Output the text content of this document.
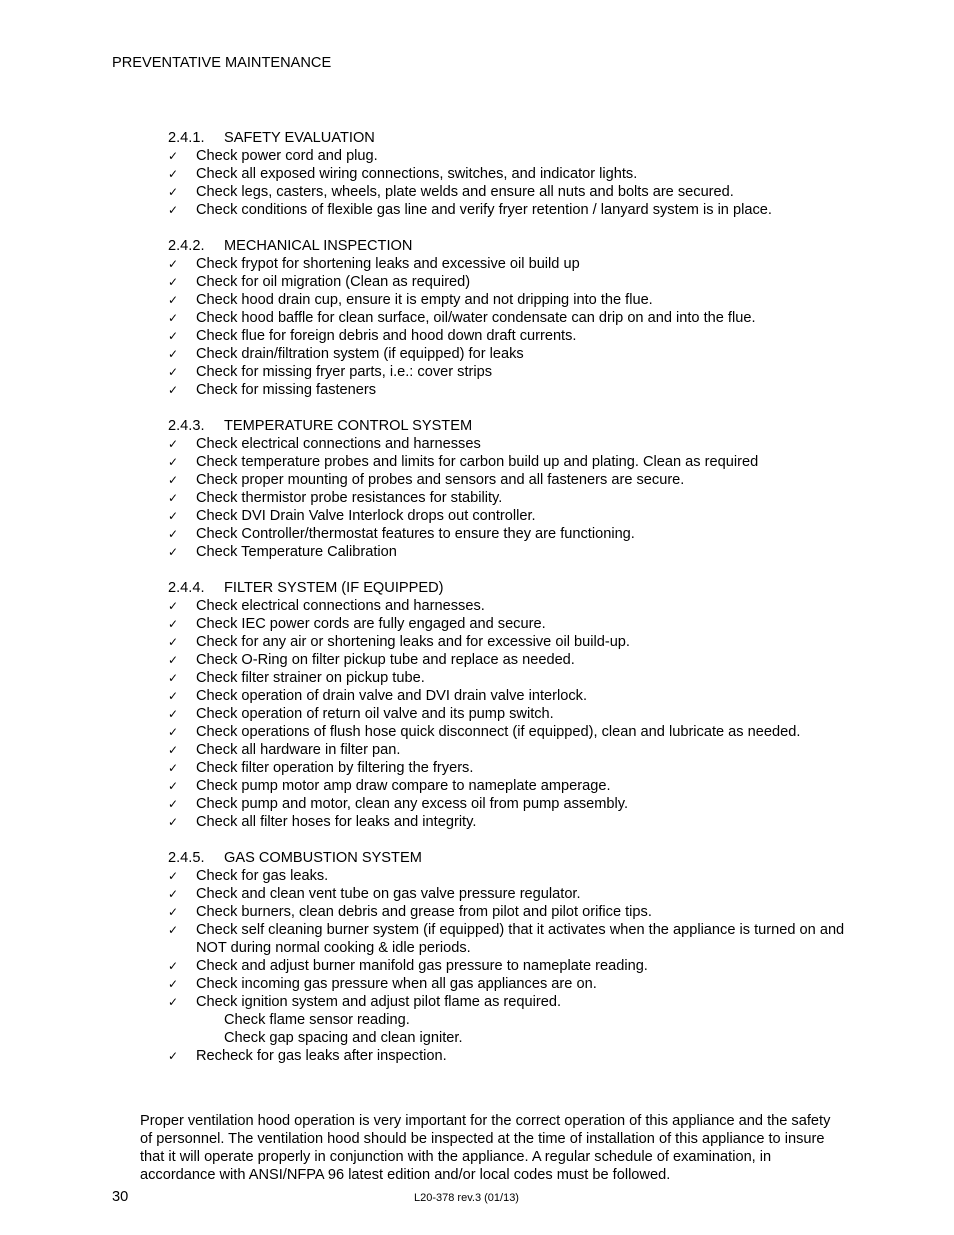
PREVENTATIVE MAINTENANCE
2.4.1. SAFETY EVALUATION
✓ Check power cord and plug.
✓ Check all exposed wiring connections, switches, and indicator lights.
✓ Check legs, casters, wheels, plate welds and ensure all nuts and bolts are secured.
✓ Check conditions of flexible gas line and verify fryer retention / lanyard system is in place.
2.4.2. MECHANICAL INSPECTION
✓ Check frypot for shortening leaks and excessive oil build up
✓ Check for oil migration (Clean as required)
✓ Check hood drain cup, ensure it is empty and not dripping into the flue.
✓ Check hood baffle for clean surface, oil/water condensate can drip on and into the flue.
✓ Check flue for foreign debris and hood down draft currents.
✓ Check drain/filtration system (if equipped) for leaks
✓ Check for missing fryer parts, i.e.: cover strips
✓ Check for missing fasteners
2.4.3. TEMPERATURE CONTROL SYSTEM
✓ Check electrical connections and harnesses
✓ Check temperature probes and limits for carbon build up and plating. Clean as required
✓ Check proper mounting of probes and sensors and all fasteners are secure.
✓ Check thermistor probe resistances for stability.
✓ Check DVI Drain Valve Interlock drops out controller.
✓ Check Controller/thermostat features to ensure they are functioning.
✓ Check Temperature Calibration
2.4.4. FILTER SYSTEM (IF EQUIPPED)
✓ Check electrical connections and harnesses.
✓ Check IEC power cords are fully engaged and secure.
✓ Check for any air or shortening leaks and for excessive oil build-up.
✓ Check O-Ring on filter pickup tube and replace as needed.
✓ Check filter strainer on pickup tube.
✓ Check operation of drain valve and DVI drain valve interlock.
✓ Check operation of return oil valve and its pump switch.
✓ Check operations of flush hose quick disconnect (if equipped), clean and lubricate as needed.
✓ Check all hardware in filter pan.
✓ Check filter operation by filtering the fryers.
✓ Check pump motor amp draw compare to nameplate amperage.
✓ Check pump and motor, clean any excess oil from pump assembly.
✓ Check all filter hoses for leaks and integrity.
2.4.5. GAS COMBUSTION SYSTEM
✓ Check for gas leaks.
✓ Check and clean vent tube on gas valve pressure regulator.
✓ Check burners, clean debris and grease from pilot and pilot orifice tips.
✓ Check self cleaning burner system (if equipped) that it activates when the appliance is turned on and NOT during normal cooking & idle periods.
✓ Check and adjust burner manifold gas pressure to nameplate reading.
✓ Check incoming gas pressure when all gas appliances are on.
✓ Check ignition system and adjust pilot flame as required.
Check flame sensor reading.
Check gap spacing and clean igniter.
✓ Recheck for gas leaks after inspection.
Proper ventilation hood operation is very important for the correct operation of this appliance and the safety of personnel. The ventilation hood should be inspected at the time of installation of this appliance to insure that it will operate properly in conjunction with the appliance. A regular schedule of examination, in accordance with ANSI/NFPA 96 latest edition and/or local codes must be followed.
30	L20-378 rev.3 (01/13)
